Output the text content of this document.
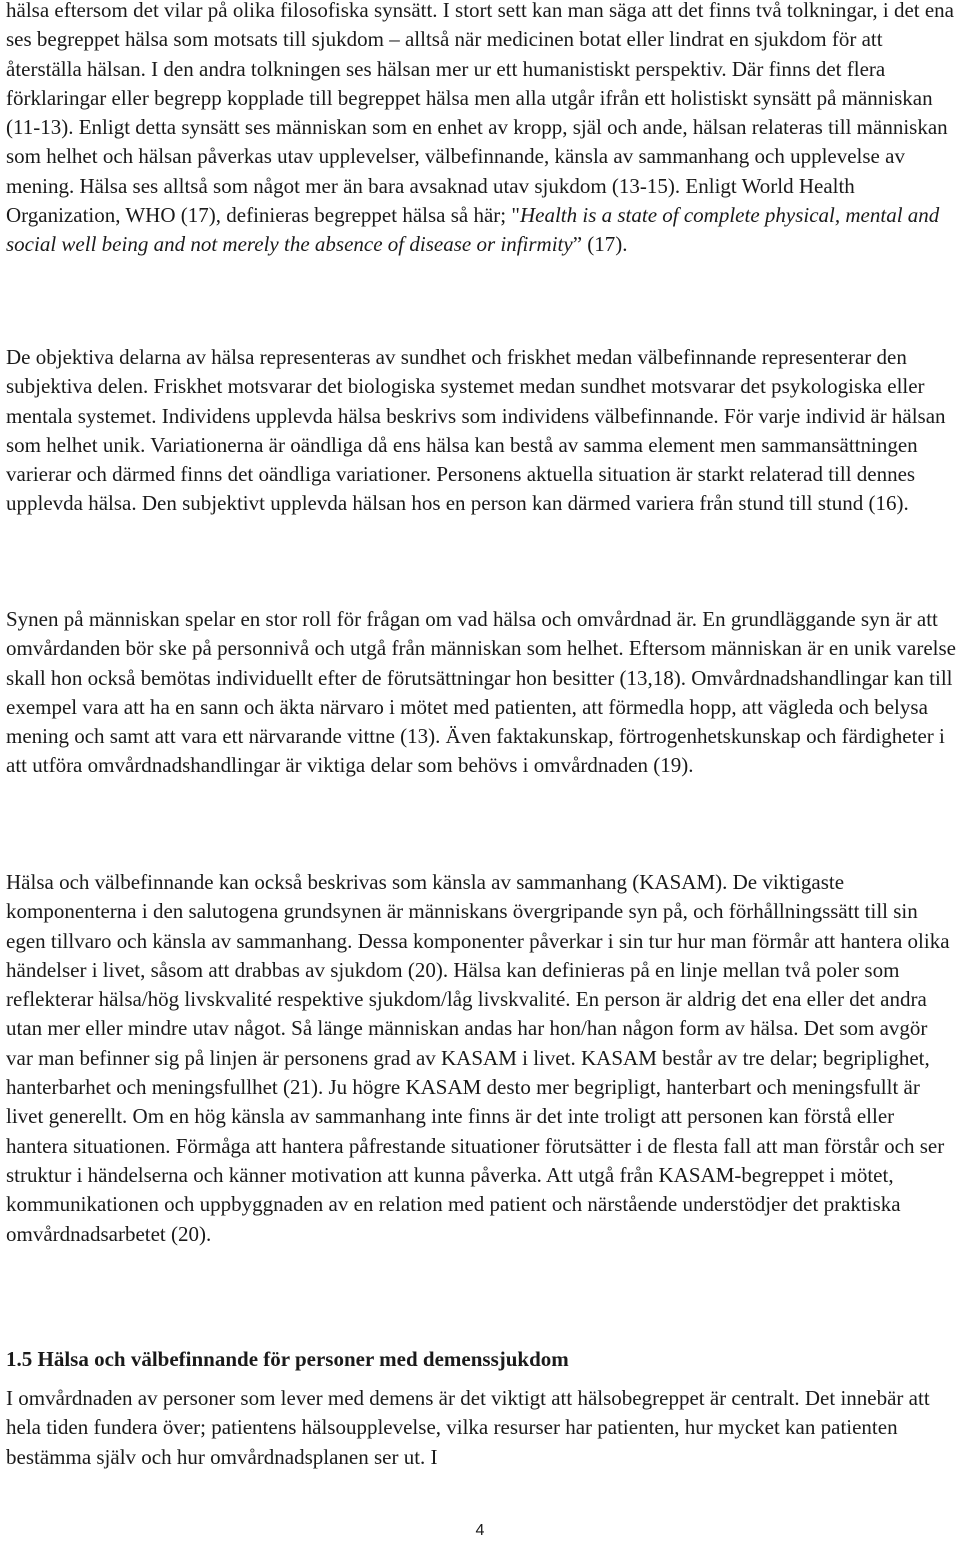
hälsa eftersom det vilar på olika filosofiska synsätt. I stort sett kan man säga att det finns två tolkningar, i det ena ses begreppet hälsa som motsats till sjukdom – alltså när medicinen botat eller lindrat en sjukdom för att återställa hälsan. I den andra tolkningen ses hälsan mer ur ett humanistiskt perspektiv. Där finns det flera förklaringar eller begrepp kopplade till begreppet hälsa men alla utgår ifrån ett holistiskt synsätt på människan (11-13). Enligt detta synsätt ses människan som en enhet av kropp, själ och ande, hälsan relateras till människan som helhet och hälsan påverkas utav upplevelser, välbefinnande, känsla av sammanhang och upplevelse av mening. Hälsa ses alltså som något mer än bara avsaknad utav sjukdom (13-15). Enligt World Health Organization, WHO (17), definieras begreppet hälsa så här; "Health is a state of complete physical, mental and social well being and not merely the absence of disease or infirmity” (17).

De objektiva delarna av hälsa representeras av sundhet och friskhet medan välbefinnande representerar den subjektiva delen. Friskhet motsvarar det biologiska systemet medan sundhet motsvarar det psykologiska eller mentala systemet. Individens upplevda hälsa beskrivs som individens välbefinnande. För varje individ är hälsan som helhet unik. Variationerna är oändliga då ens hälsa kan bestå av samma element men sammansättningen varierar och därmed finns det oändliga variationer. Personens aktuella situation är starkt relaterad till dennes upplevda hälsa. Den subjektivt upplevda hälsan hos en person kan därmed variera från stund till stund (16).

Synen på människan spelar en stor roll för frågan om vad hälsa och omvårdnad är. En grundläggande syn är att omvårdanden bör ske på personnivå och utgå från människan som helhet. Eftersom människan är en unik varelse skall hon också bemötas individuellt efter de förutsättningar hon besitter (13,18). Omvårdnadshandlingar kan till exempel vara att ha en sann och äkta närvaro i mötet med patienten, att förmedla hopp, att vägleda och belysa mening och samt att vara ett närvarande vittne (13). Även faktakunskap, förtrogenhetskunskap och färdigheter i att utföra omvårdnadshandlingar är viktiga delar som behövs i omvårdnaden (19).

Hälsa och välbefinnande kan också beskrivas som känsla av sammanhang (KASAM). De viktigaste komponenterna i den salutogena grundsynen är människans övergripande syn på, och förhållningssätt till sin egen tillvaro och känsla av sammanhang. Dessa komponenter påverkar i sin tur hur man förmår att hantera olika händelser i livet, såsom att drabbas av sjukdom (20). Hälsa kan definieras på en linje mellan två poler som reflekterar hälsa/hög livskvalité respektive sjukdom/låg livskvalité. En person är aldrig det ena eller det andra utan mer eller mindre utav något. Så länge människan andas har hon/han någon form av hälsa. Det som avgör var man befinner sig på linjen är personens grad av KASAM i livet. KASAM består av tre delar; begriplighet, hanterbarhet och meningsfullhet (21). Ju högre KASAM desto mer begripligt, hanterbart och meningsfullt är livet generellt. Om en hög känsla av sammanhang inte finns är det inte troligt att personen kan förstå eller hantera situationen. Förmåga att hantera påfrestande situationer förutsätter i de flesta fall att man förstår och ser struktur i händelserna och känner motivation att kunna påverka. Att utgå från KASAM-begreppet i mötet, kommunikationen och uppbyggnaden av en relation med patient och närstående understödjer det praktiska omvårdnadsarbetet (20).

1.5 Hälsa och välbefinnande för personer med demenssjukdom

I omvårdnaden av personer som lever med demens är det viktigt att hälsobegreppet är centralt. Det innebär att hela tiden fundera över; patientens hälsoupplevelse, vilka resurser har patienten, hur mycket kan patienten bestämma själv och hur omvårdnadsplanen ser ut. I

4
